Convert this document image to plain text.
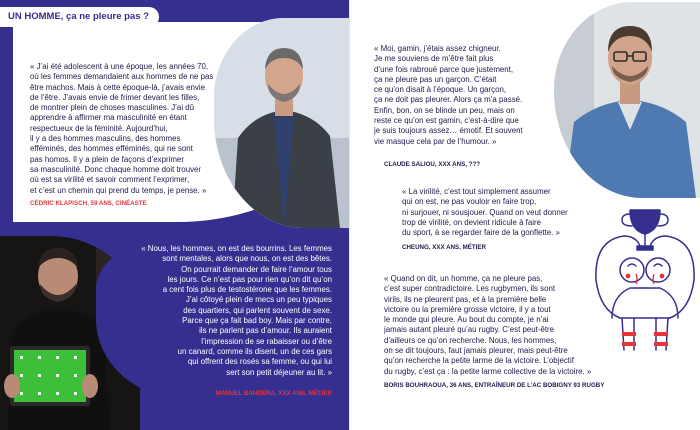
UN HOMME, ça ne pleure pas ?
« J’ai été adolescent à une époque, les années 70,
où les femmes demandaient aux hommes de ne pas
être machos. Mais à cette époque-là, j’avais envie
de l’être. J’avais envie de frimer devant les filles,
de montrer plein de choses masculines. J’ai dû
apprendre à affirmer ma masculinité en étant
respectueux de la féminité. Aujourd’hui,
il y a des hommes masculins, des hommes
efféminés, des hommes efféminés, qui ne sont
pas homos. Il y a plein de façons d’exprimer
sa masculinité. Donc chaque homme doit trouver
où est sa virilité et savoir comment l’exprimer,
et c’est un chemin qui prend du temps, je pense. »
CÉDRIC KLAPISCH, 59 ANS, CINÉASTE
« Nous, les hommes, on est des bourrins. Les femmes
sont mentales, alors que nous, on est des bêtes.
On pourrait demander de faire l’amour tous
les jours. Ce n’est pas pour rien qu’on dit qu’on
a cent fois plus de testostérone que les femmes.
J’ai côtoyé plein de mecs un peu typiques
des quartiers, qui parlent souvent de sexe.
Parce que ça fait bad boy. Mais par contre,
ils ne parlent pas d’amour. Ils auraient
l’impression de se rabaisser ou d’être
un canard, comme ils disent, un de ces gars
qui offrent des rosés sa femme, ou qui lui
sert son petit déjeuner au lit. »
MANUEL BANDERA, XXX ANS, MÉTIER
« Moi, gamin, j’étais assez chigneur.
Je me souviens de m’être fait plus
d’une fois rabroué parce que justement,
ça ne pleure pas un garçon. C’était
ce qu’on disait à l’époque. Un garçon,
ça ne doit pas pleurer. Alors ça m’a passé.
Enfin, bon, on se blinde un peu, mais on
reste ce qu’on est gamin, c’est-à-dire que
je suis toujours assez… émotif. Et souvent
vie masque cela par de l’humour. »
CLAUDE SALIOU, XXX ANS, ???
« La virilité, c’est tout simplement assumer
qui on est, ne pas vouloir en faire trop,
ni surjouer, ni sousjouer. Quand on veut donner
trop de virilité, on devient ridicule à faire
du sport, à se regarder faire de la gonflette. »
CHEUNG, XXX ANS, MÉTIER
« Quand on dit, un homme, ça ne pleure pas,
c’est super contradictoire. Les rugbymen, ils sont
virils, ils ne pleurent pas, et à la première belle
victoire ou la première grosse victoire, il y a tout
le monde qui pleure. Au bout du compte, je n’ai
jamais autant pleuré qu’au rugby. C’est peut-être
d’ailleurs ce qu’on recherche. Nous, les hommes,
on se dit toujours, faut jamais pleurer, mais peut-être
qu’on recherche la petite larme de la victoire. L’objectif
du rugby, c’est ça : la petite larme collective de la victoire. »
BORIS BOUHRAOUA, 36 ANS, ENTRAÎNEUR DE L’AC BOBIGNY 93 RUGBY
